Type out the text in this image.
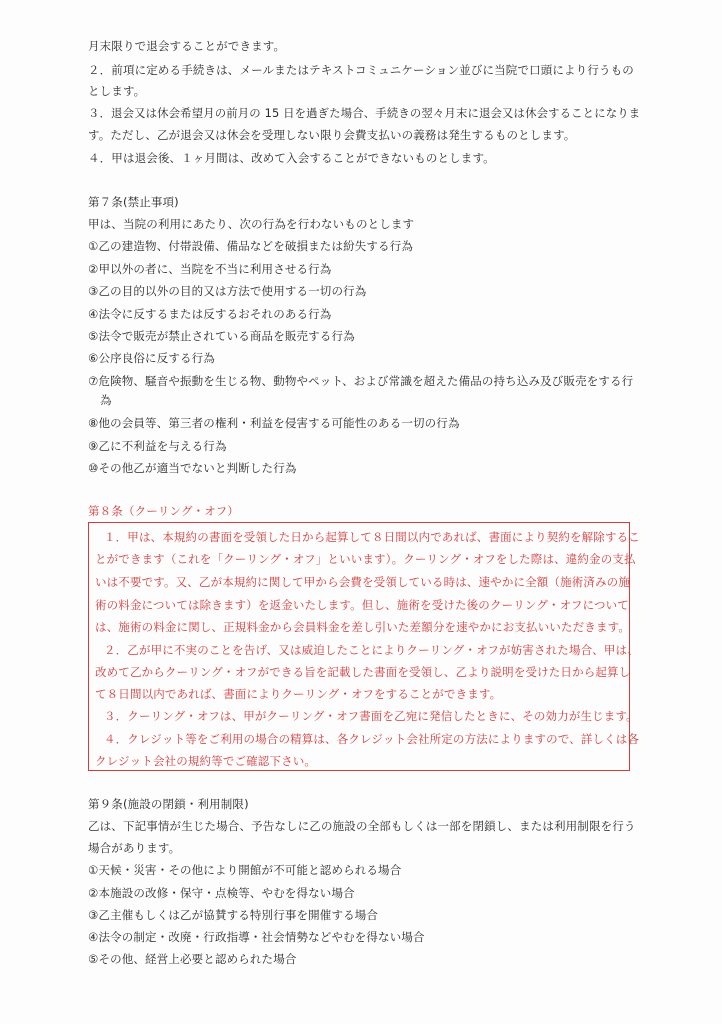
月末限りで退会することができます。
２．前項に定める手続きは、メールまたはテキストコミュニケーション並びに当院で口頭により行うもの
とします。
３．退会又は休会希望月の前月の 15 日を過ぎた場合、手続きの翌々月末に退会又は休会することになりま
す。ただし、乙が退会又は休会を受理しない限り会費支払いの義務は発生するものとします。
４．甲は退会後、１ヶ月間は、改めて入会することができないものとします。
第７条(禁止事項)
甲は、当院の利用にあたり、次の行為を行わないものとします
①乙の建造物、付帯設備、備品などを破損または紛失する行為
②甲以外の者に、当院を不当に利用させる行為
③乙の目的以外の目的又は方法で使用する一切の行為
④法令に反するまたは反するおそれのある行為
⑤法令で販売が禁止されている商品を販売する行為
⑥公序良俗に反する行為
⑦危険物、騒音や振動を生じる物、動物やペット、および常識を超えた備品の持ち込み及び販売をする行
為
⑧他の会員等、第三者の権利・利益を侵害する可能性のある一切の行為
⑨乙に不利益を与える行為
⑩その他乙が適当でないと判断した行為
第８条（クーリング・オフ）
１．甲は、本規約の書面を受領した日から起算して８日間以内であれば、書面により契約を解除するこ
とができます（これを「クーリング・オフ」といいます）。クーリング・オフをした際は、違約金の支払
いは不要です。又、乙が本規約に関して甲から会費を受領している時は、速やかに全額（施術済みの施
術の料金については除きます）を返金いたします。但し、施術を受けた後のクーリング・オフについて
は、施術の料金に関し、正規料金から会員料金を差し引いた差額分を速やかにお支払いいただきます。
２．乙が甲に不実のことを告げ、又は威迫したことによりクーリング・オフが妨害された場合、甲は、
改めて乙からクーリング・オフができる旨を記載した書面を受領し、乙より説明を受けた日から起算し
て８日間以内であれば、書面によりクーリング・オフをすることができます。
３．クーリング・オフは、甲がクーリング・オフ書面を乙宛に発信したときに、その効力が生じます。
４．クレジット等をご利用の場合の精算は、各クレジット会社所定の方法によりますので、詳しくは各
クレジット会社の規約等でご確認下さい。
第９条(施設の閉鎖・利用制限)
乙は、下記事情が生じた場合、予告なしに乙の施設の全部もしくは一部を閉鎖し、または利用制限を行う
場合があります。
①天候・災害・その他により開館が不可能と認められる場合
②本施設の改修・保守・点検等、やむを得ない場合
③乙主催もしくは乙が協賛する特別行事を開催する場合
④法令の制定・改廃・行政指導・社会情勢などやむを得ない場合
⑤その他、経営上必要と認められた場合
